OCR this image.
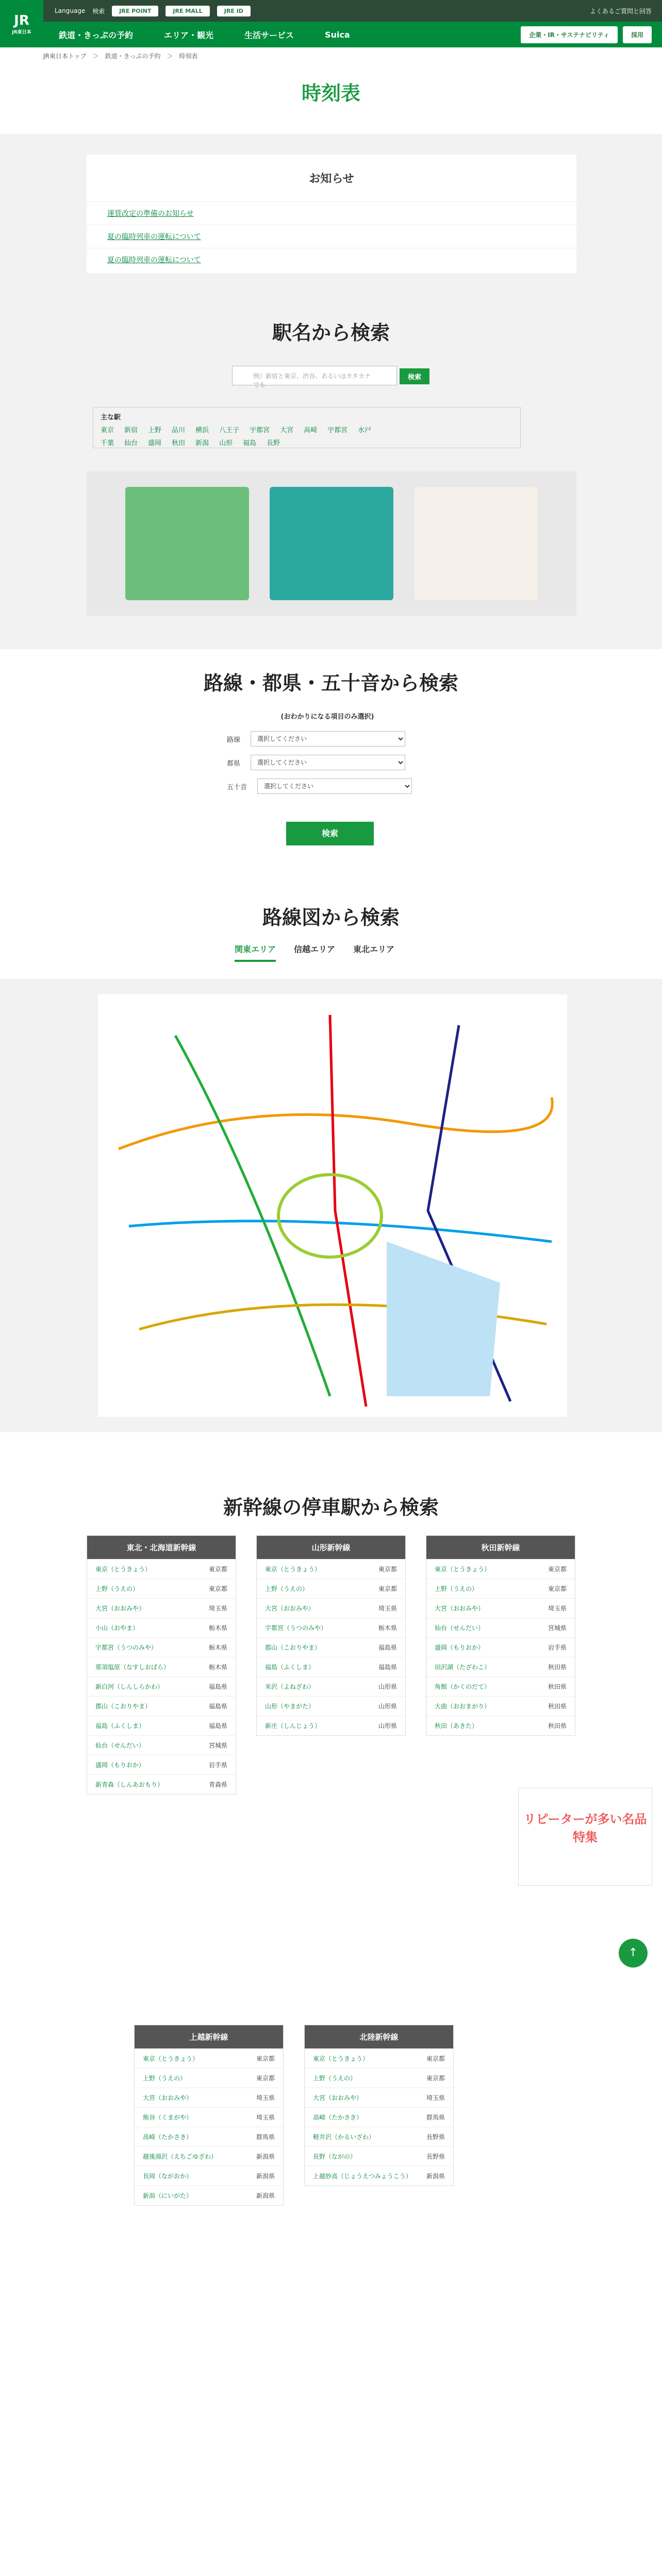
JR
JR東日本
Language 検索	JRE POINT	JRE MALL	JRE ID	よくあるご質問と回答
鉄道・きっぷの予約	エリア・観光	生活サービス	Suica	企業・IR・サステナビリティ	採用
JR東日本トップ　＞　鉄道・きっぷの予約　＞　時刻表
時刻表
お知らせ
運賃改定の準備のお知らせ
夏の臨時列車の運転について
夏の臨時列車の運転について
駅名から検索
例）新宿と東京、渋谷、あるいはカタカナでも
検索
主な駅
東京 新宿 上野 品川 横浜 八王子 宇都宮 大宮 高崎 宇都宮 水戸
千葉 仙台 盛岡 秋田 新潟 山形 福島 長野
路線・都県・五十音から検索

(おわかりになる項目のみ選択)

路線
選択してください
都県
選択してください
五十音
選択してください
検索
路線図から検索
関東エリア 信越エリア 東北エリア
新幹線の停車駅から検索
東北・北海道新幹線
東京（とうきょう）	東京都
上野（うえの）	東京都
大宮（おおみや）	埼玉県
小山（おやま）	栃木県
宇都宮（うつのみや）	栃木県
那須塩原（なすしおばら）	栃木県
新白河（しんしらかわ）	福島県
郡山（こおりやま）	福島県
福島（ふくしま）	福島県
仙台（せんだい）	宮城県
盛岡（もりおか）	岩手県
新青森（しんあおもり）	青森県
山形新幹線
東京（とうきょう）	東京都
上野（うえの）	東京都
大宮（おおみや）	埼玉県
宇都宮（うつのみや）	栃木県
郡山（こおりやま）	福島県
福島（ふくしま）	福島県
米沢（よねざわ）	山形県
山形（やまがた）	山形県
新庄（しんじょう）	山形県
秋田新幹線
東京（とうきょう）	東京都
上野（うえの）	東京都
大宮（おおみや）	埼玉県
仙台（せんだい）	宮城県
盛岡（もりおか）	岩手県
田沢湖（たざわこ）	秋田県
角館（かくのだて）	秋田県
大曲（おおまがり）	秋田県
秋田（あきた）	秋田県
上越新幹線
東京（とうきょう）	東京都
上野（うえの）	東京都
大宮（おおみや）	埼玉県
熊谷（くまがや）	埼玉県
高崎（たかさき）	群馬県
越後湯沢（えちごゆざわ）	新潟県
長岡（ながおか）	新潟県
新潟（にいがた）	新潟県
北陸新幹線
東京（とうきょう）	東京都
上野（うえの）	東京都
大宮（おおみや）	埼玉県
高崎（たかさき）	群馬県
軽井沢（かるいざわ）	長野県
長野（ながの）	長野県
上越妙高（じょうえつみょうこう） 新潟県
リピーターが多い名品 特集
↑
